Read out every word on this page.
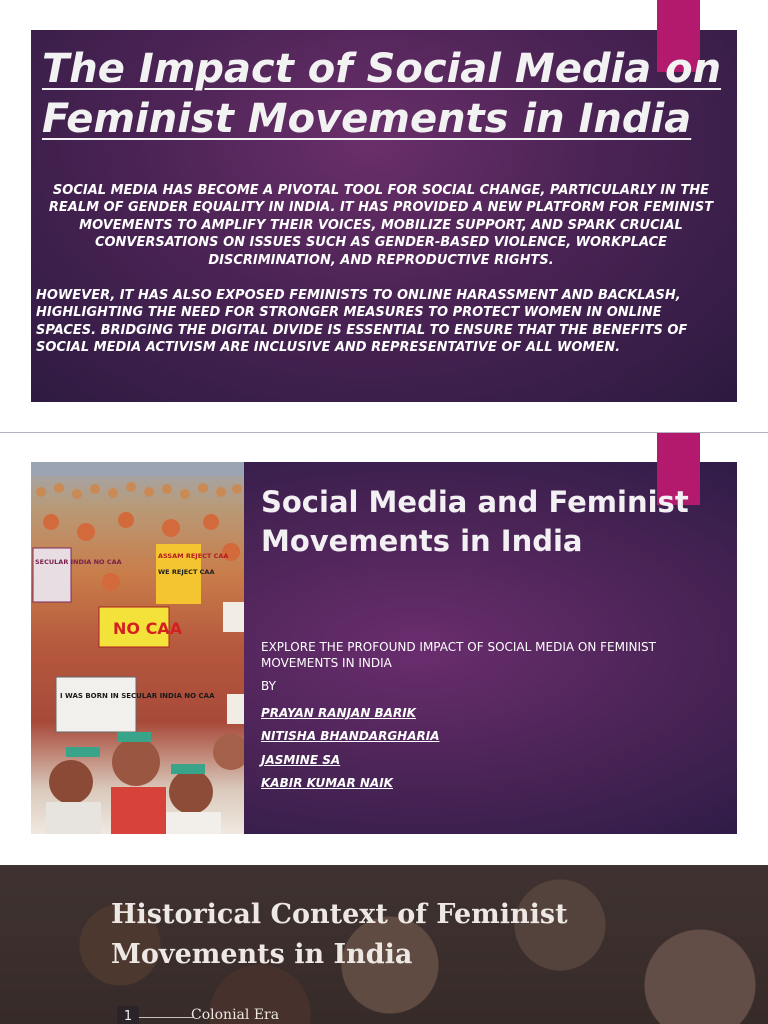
The Impact of Social Media on
Feminist Movements in India

SOCIAL MEDIA HAS BECOME A PIVOTAL TOOL FOR SOCIAL CHANGE, PARTICULARLY IN THE REALM OF GENDER EQUALITY IN INDIA. IT HAS PROVIDED A NEW PLATFORM FOR FEMINIST MOVEMENTS TO AMPLIFY THEIR VOICES, MOBILIZE SUPPORT, AND SPARK CRUCIAL CONVERSATIONS ON ISSUES SUCH AS GENDER-BASED VIOLENCE, WORKPLACE DISCRIMINATION, AND REPRODUCTIVE RIGHTS.

HOWEVER, IT HAS ALSO EXPOSED FEMINISTS TO ONLINE HARASSMENT AND BACKLASH, HIGHLIGHTING THE NEED FOR STRONGER MEASURES TO PROTECT WOMEN IN ONLINE SPACES. BRIDGING THE DIGITAL DIVIDE IS ESSENTIAL TO ENSURE THAT THE BENEFITS OF SOCIAL MEDIA ACTIVISM ARE INCLUSIVE AND REPRESENTATIVE OF ALL WOMEN.

SECULAR INDIA NO CAA
NO CAA
ASSAM REJECT CAA
WE REJECT CAA
I WAS BORN IN SECULAR INDIA NO CAA
Social Media and Feminist Movements in India

EXPLORE THE PROFOUND IMPACT OF SOCIAL MEDIA ON FEMINIST MOVEMENTS IN INDIA

BY

PRAYAN RANJAN BARIK
NITISHA BHANDARGHARIA
JASMINE SA
KABIR KUMAR NAIK
Historical Context of Feminist Movements in India
1	Colonial Era
